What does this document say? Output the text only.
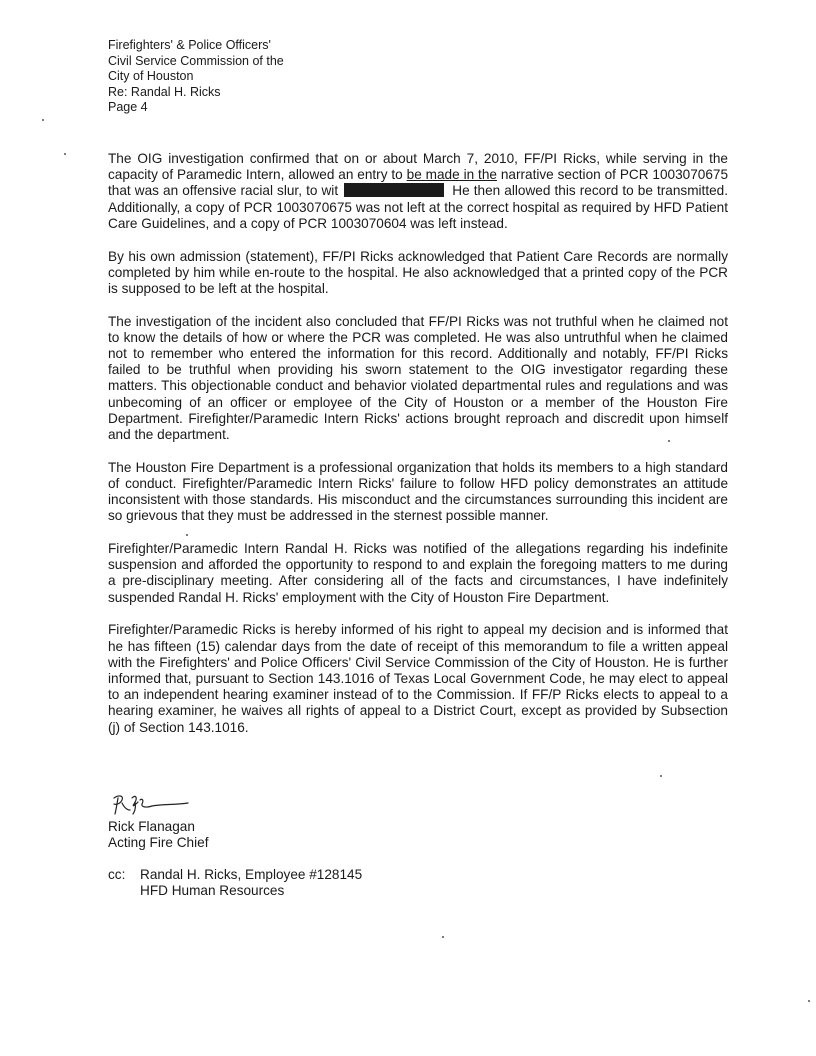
Firefighters' & Police Officers'
Civil Service Commission of the
City of Houston
Re: Randal H. Ricks
Page 4

The OIG investigation confirmed that on or about March 7, 2010, FF/PI Ricks, while serving in the capacity of Paramedic Intern, allowed an entry to be made in the narrative section of PCR 1003070675 that was an offensive racial slur, to wit	He then allowed this record to be transmitted. Additionally, a copy of PCR 1003070675 was not left at the correct hospital as required by HFD Patient Care Guidelines, and a copy of PCR 1003070604 was left instead.

By his own admission (statement), FF/PI Ricks acknowledged that Patient Care Records are normally completed by him while en-route to the hospital. He also acknowledged that a printed copy of the PCR is supposed to be left at the hospital.

The investigation of the incident also concluded that FF/PI Ricks was not truthful when he claimed not to know the details of how or where the PCR was completed. He was also untruthful when he claimed not to remember who entered the information for this record. Additionally and notably, FF/PI Ricks failed to be truthful when providing his sworn statement to the OIG investigator regarding these matters. This objectionable conduct and behavior violated departmental rules and regulations and was unbecoming of an officer or employee of the City of Houston or a member of the Houston Fire Department. Firefighter/Paramedic Intern Ricks' actions brought reproach and discredit upon himself and the department.

The Houston Fire Department is a professional organization that holds its members to a high standard of conduct. Firefighter/Paramedic Intern Ricks' failure to follow HFD policy demonstrates an attitude inconsistent with those standards. His misconduct and the circumstances surrounding this incident are so grievous that they must be addressed in the sternest possible manner.

Firefighter/Paramedic Intern Randal H. Ricks was notified of the allegations regarding his indefinite suspension and afforded the opportunity to respond to and explain the foregoing matters to me during a pre-disciplinary meeting. After considering all of the facts and circumstances, I have indefinitely suspended Randal H. Ricks' employment with the City of Houston Fire Department.

Firefighter/Paramedic Ricks is hereby informed of his right to appeal my decision and is informed that he has fifteen (15) calendar days from the date of receipt of this memorandum to file a written appeal with the Firefighters' and Police Officers' Civil Service Commission of the City of Houston. He is further informed that, pursuant to Section 143.1016 of Texas Local Government Code, he may elect to appeal to an independent hearing examiner instead of to the Commission. If FF/P Ricks elects to appeal to a hearing examiner, he waives all rights of appeal to a District Court, except as provided by Subsection (j) of Section 143.1016.

Rick Flanagan
Acting Fire Chief
cc:	Randal H. Ricks, Employee #128145
HFD Human Resources
